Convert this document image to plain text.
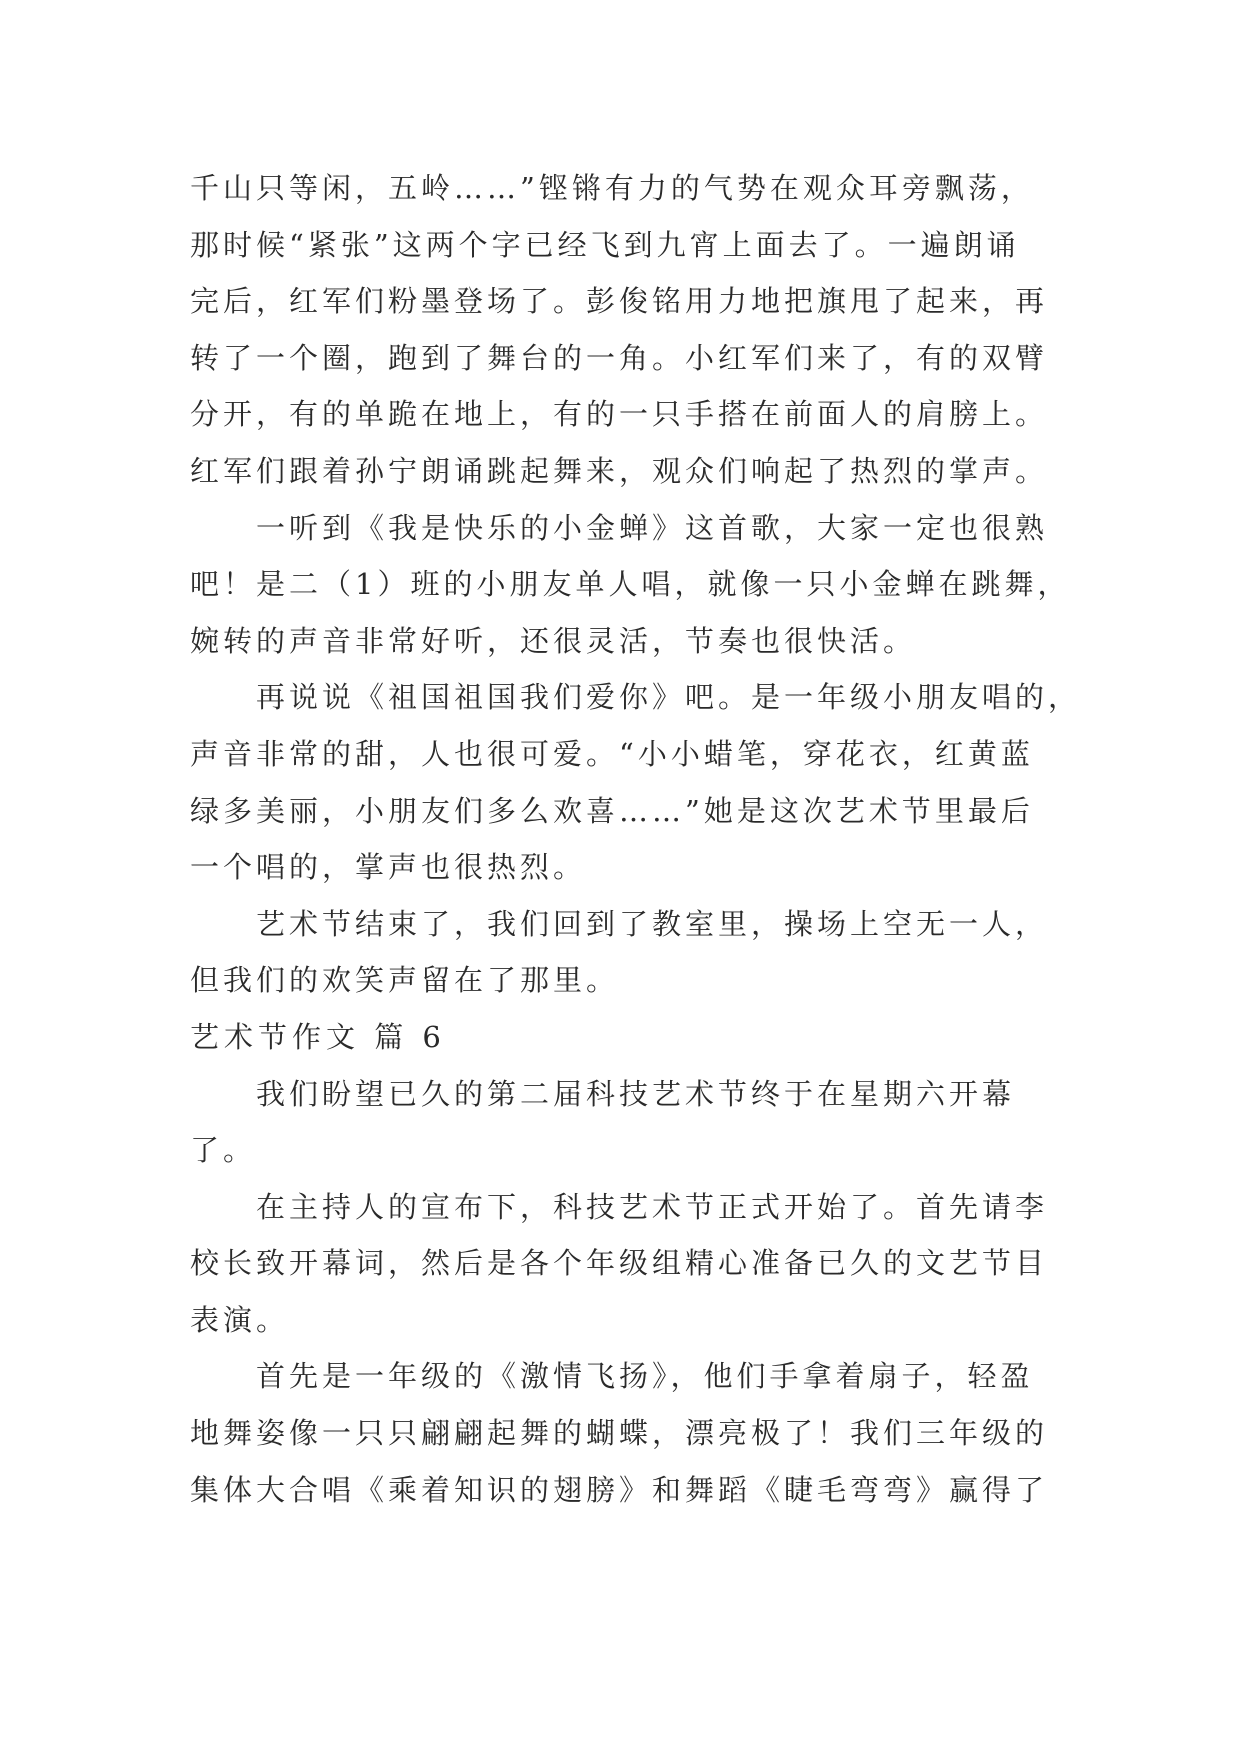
千山只等闲，五岭……”铿锵有力的气势在观众耳旁飘荡，
那时候“紧张”这两个字已经飞到九宵上面去了。一遍朗诵
完后，红军们粉墨登场了。彭俊铭用力地把旗甩了起来，再
转了一个圈，跑到了舞台的一角。小红军们来了，有的双臂
分开，有的单跪在地上，有的一只手搭在前面人的肩膀上。
红军们跟着孙宁朗诵跳起舞来，观众们响起了热烈的掌声。
一听到《我是快乐的小金蝉》这首歌，大家一定也很熟
吧！是二（1）班的小朋友单人唱，就像一只小金蝉在跳舞，
婉转的声音非常好听，还很灵活，节奏也很快活。
再说说《祖国祖国我们爱你》吧。是一年级小朋友唱的，
声音非常的甜，人也很可爱。“小小蜡笔，穿花衣，红黄蓝
绿多美丽，小朋友们多么欢喜……”她是这次艺术节里最后
一个唱的，掌声也很热烈。
艺术节结束了，我们回到了教室里，操场上空无一人，
但我们的欢笑声留在了那里。
艺术节作文 篇 6
我们盼望已久的第二届科技艺术节终于在星期六开幕
了。
在主持人的宣布下，科技艺术节正式开始了。首先请李
校长致开幕词，然后是各个年级组精心准备已久的文艺节目
表演。
首先是一年级的《激情飞扬》，他们手拿着扇子，轻盈
地舞姿像一只只翩翩起舞的蝴蝶，漂亮极了！我们三年级的
集体大合唱《乘着知识的翅膀》和舞蹈《睫毛弯弯》赢得了
